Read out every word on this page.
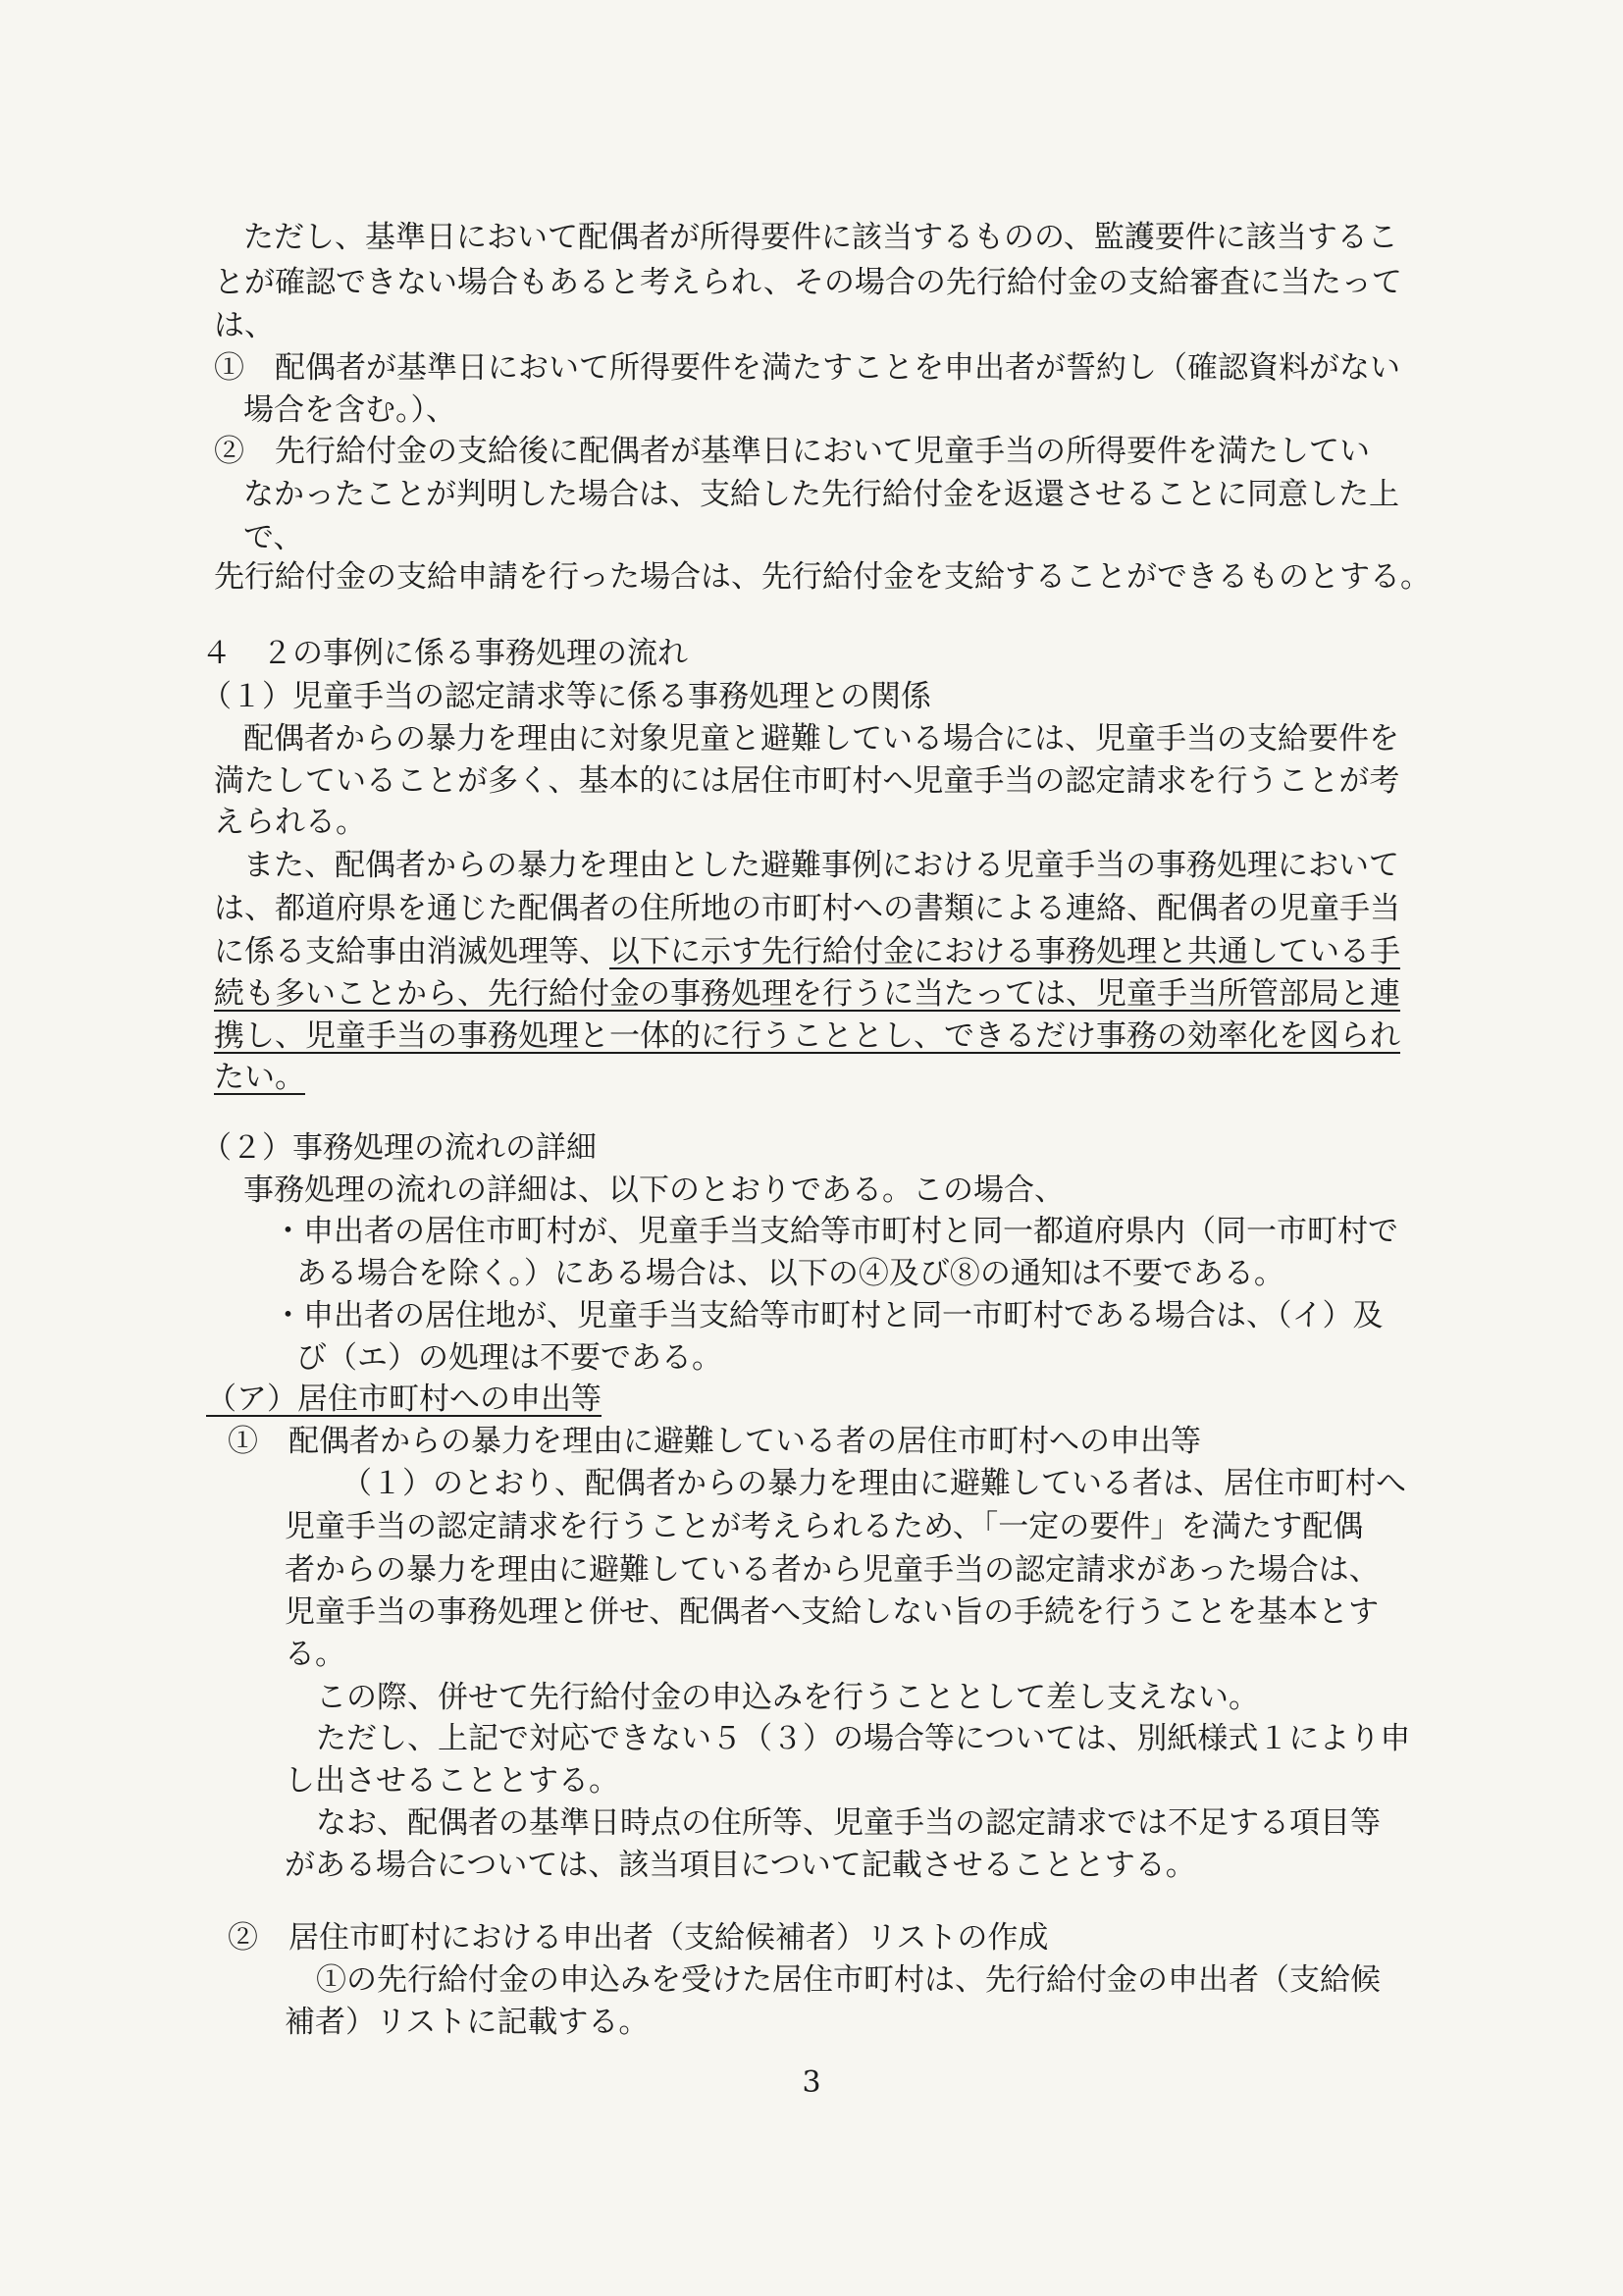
ただし、基準日において配偶者が所得要件に該当するものの、監護要件に該当するこ

とが確認できない場合もあると考えられ、その場合の先行給付金の支給審査に当たって

は、

①　配偶者が基準日において所得要件を満たすことを申出者が誓約し（確認資料がない

場合を含む。）、

②　先行給付金の支給後に配偶者が基準日において児童手当の所得要件を満たしてい

なかったことが判明した場合は、支給した先行給付金を返還させることに同意した上

で、

先行給付金の支給申請を行った場合は、先行給付金を支給することができるものとする。

４　２の事例に係る事務処理の流れ

（１）児童手当の認定請求等に係る事務処理との関係

配偶者からの暴力を理由に対象児童と避難している場合には、児童手当の支給要件を

満たしていることが多く、基本的には居住市町村へ児童手当の認定請求を行うことが考

えられる。

また、配偶者からの暴力を理由とした避難事例における児童手当の事務処理において

は、都道府県を通じた配偶者の住所地の市町村への書類による連絡、配偶者の児童手当

に係る支給事由消滅処理等、以下に示す先行給付金における事務処理と共通している手

続も多いことから、先行給付金の事務処理を行うに当たっては、児童手当所管部局と連

携し、児童手当の事務処理と一体的に行うこととし、できるだけ事務の効率化を図られ

たい。

（２）事務処理の流れの詳細

事務処理の流れの詳細は、以下のとおりである。この場合、

・申出者の居住市町村が、児童手当支給等市町村と同一都道府県内（同一市町村で

ある場合を除く。）にある場合は、以下の④及び⑧の通知は不要である。

・申出者の居住地が、児童手当支給等市町村と同一市町村である場合は、（イ）及

び（エ）の処理は不要である。

（ア）居住市町村への申出等

①　配偶者からの暴力を理由に避難している者の居住市町村への申出等

（１）のとおり、配偶者からの暴力を理由に避難している者は、居住市町村へ

児童手当の認定請求を行うことが考えられるため、「一定の要件」を満たす配偶

者からの暴力を理由に避難している者から児童手当の認定請求があった場合は、

児童手当の事務処理と併せ、配偶者へ支給しない旨の手続を行うことを基本とす

る。

この際、併せて先行給付金の申込みを行うこととして差し支えない。

ただし、上記で対応できない５（３）の場合等については、別紙様式１により申

し出させることとする。

なお、配偶者の基準日時点の住所等、児童手当の認定請求では不足する項目等

がある場合については、該当項目について記載させることとする。

②　居住市町村における申出者（支給候補者）リストの作成

①の先行給付金の申込みを受けた居住市町村は、先行給付金の申出者（支給候

補者）リストに記載する。

3
